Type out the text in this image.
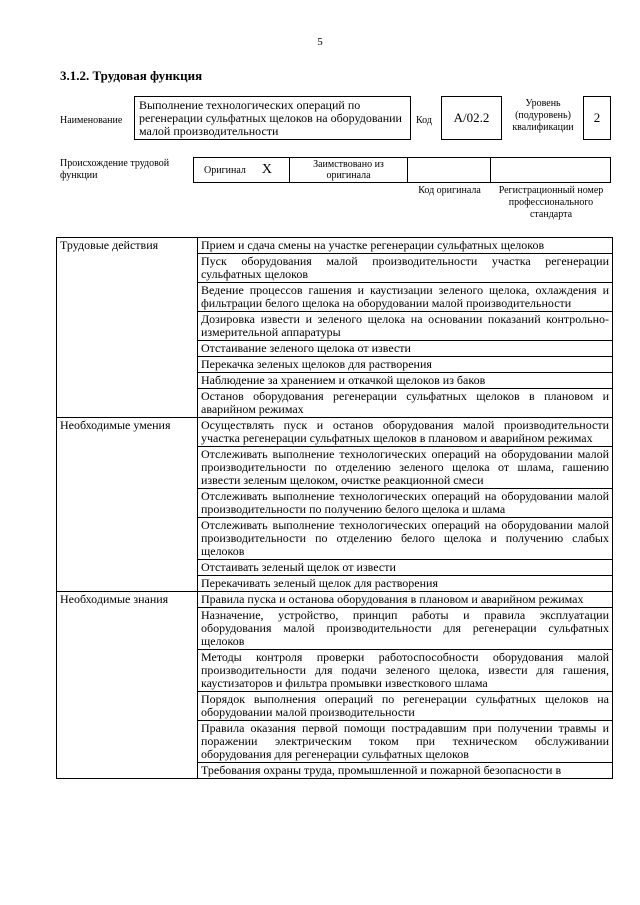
5
3.1.2. Трудовая функция
Наименование
Выполнение технологических операций по регенерации сульфатных щелоков на оборудовании малой производительности
Код	А/02.2
Уровень (подуровень) квалификации
2
Происхождение трудовой функции	Оригинал X	Заимствовано из оригинала
Код оригинала	Регистрационный номер профессионального стандарта
Трудовые действия	Прием и сдача смены на участке регенерации сульфатных щелоков
	Пуск оборудования малой производительности участка регенерации сульфатных щелоков
	Ведение процессов гашения и каустизации зеленого щелока, охлаждения и фильтрации белого щелока на оборудовании малой производительности
	Дозировка извести и зеленого щелока на основании показаний контрольно-измерительной аппаратуры
	Отстаивание зеленого щелока от извести
	Перекачка зеленых щелоков для растворения
	Наблюдение за хранением и откачкой щелоков из баков
	Останов оборудования регенерации сульфатных щелоков в плановом и аварийном режимах
Необходимые умения	Осуществлять пуск и останов оборудования малой производительности участка регенерации сульфатных щелоков в плановом и аварийном режимах
	Отслеживать выполнение технологических операций на оборудовании малой производительности по отделению зеленого щелока от шлама, гашению извести зеленым щелоком, очистке реакционной смеси
	Отслеживать выполнение технологических операций на оборудовании малой производительности по получению белого щелока и шлама
	Отслеживать выполнение технологических операций на оборудовании малой производительности по отделению белого щелока и получению слабых щелоков
	Отстаивать зеленый щелок от извести
	Перекачивать зеленый щелок для растворения
Необходимые знания	Правила пуска и останова оборудования в плановом и аварийном режимах
	Назначение, устройство, принцип работы и правила эксплуатации оборудования малой производительности для регенерации сульфатных щелоков
	Методы контроля проверки работоспособности оборудования малой производительности для подачи зеленого щелока, извести для гашения, каустизаторов и фильтра промывки известкового шлама
	Порядок выполнения операций по регенерации сульфатных щелоков на оборудовании малой производительности
	Правила оказания первой помощи пострадавшим при получении травмы и поражении электрическим током при техническом обслуживании оборудования для регенерации сульфатных щелоков
	Требования охраны труда, промышленной и пожарной безопасности в
